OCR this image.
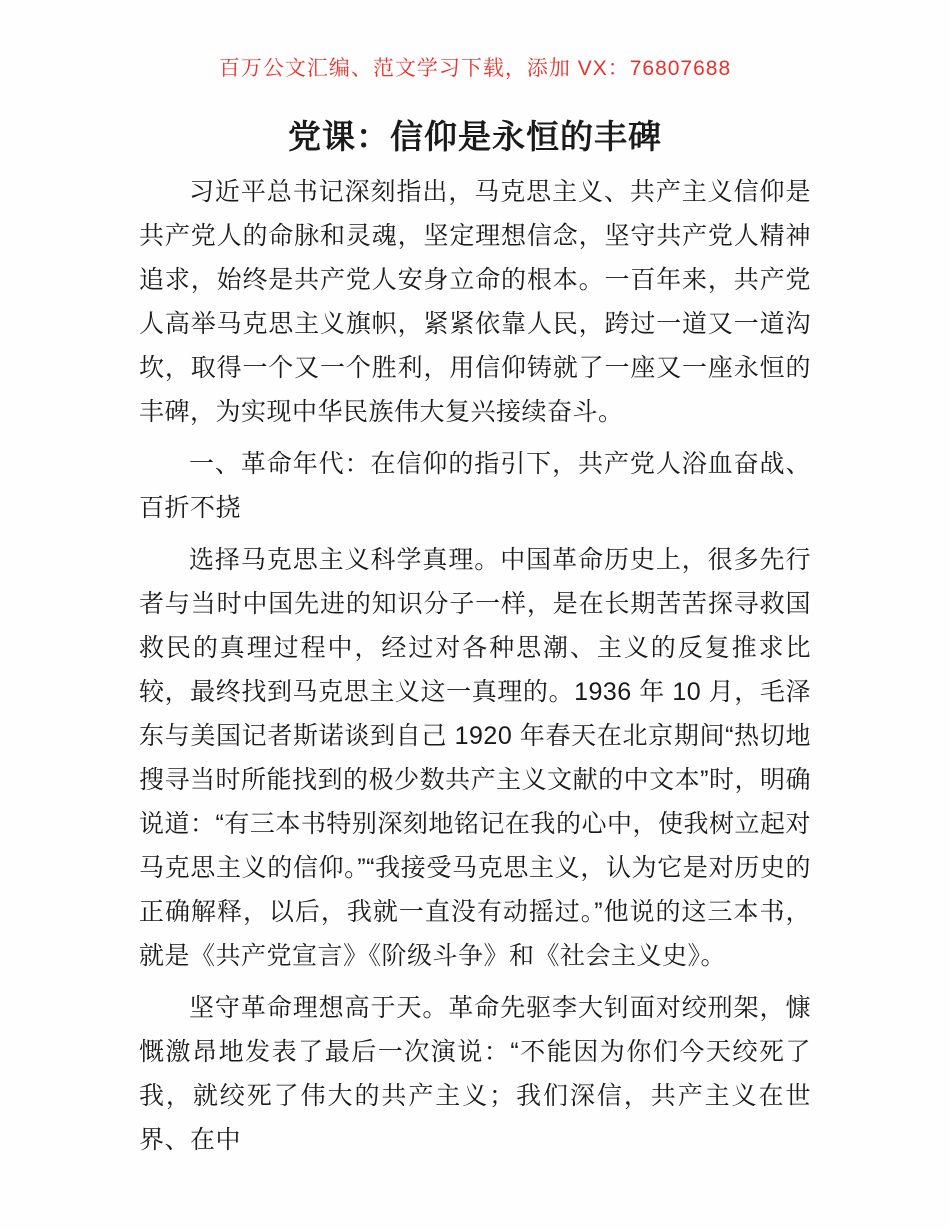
百万公文汇编、范文学习下载，添加 VX：76807688
党课：信仰是永恒的丰碑

习近平总书记深刻指出，马克思主义、共产主义信仰是共产党人的命脉和灵魂，坚定理想信念，坚守共产党人精神追求，始终是共产党人安身立命的根本。一百年来，共产党人高举马克思主义旗帜，紧紧依靠人民，跨过一道又一道沟坎，取得一个又一个胜利，用信仰铸就了一座又一座永恒的丰碑，为实现中华民族伟大复兴接续奋斗。

一、革命年代：在信仰的指引下，共产党人浴血奋战、百折不挠

选择马克思主义科学真理。中国革命历史上，很多先行者与当时中国先进的知识分子一样，是在长期苦苦探寻救国救民的真理过程中，经过对各种思潮、主义的反复推求比较，最终找到马克思主义这一真理的。1936 年 10 月，毛泽东与美国记者斯诺谈到自己 1920 年春天在北京期间“热切地搜寻当时所能找到的极少数共产主义文献的中文本”时，明确说道：“有三本书特别深刻地铭记在我的心中，使我树立起对马克思主义的信仰。”“我接受马克思主义，认为它是对历史的正确解释，以后，我就一直没有动摇过。”他说的这三本书，就是《共产党宣言》《阶级斗争》和《社会主义史》。

坚守革命理想高于天。革命先驱李大钊面对绞刑架，慷慨激昂地发表了最后一次演说：“不能因为你们今天绞死了我，就绞死了伟大的共产主义；我们深信，共产主义在世界、在中
